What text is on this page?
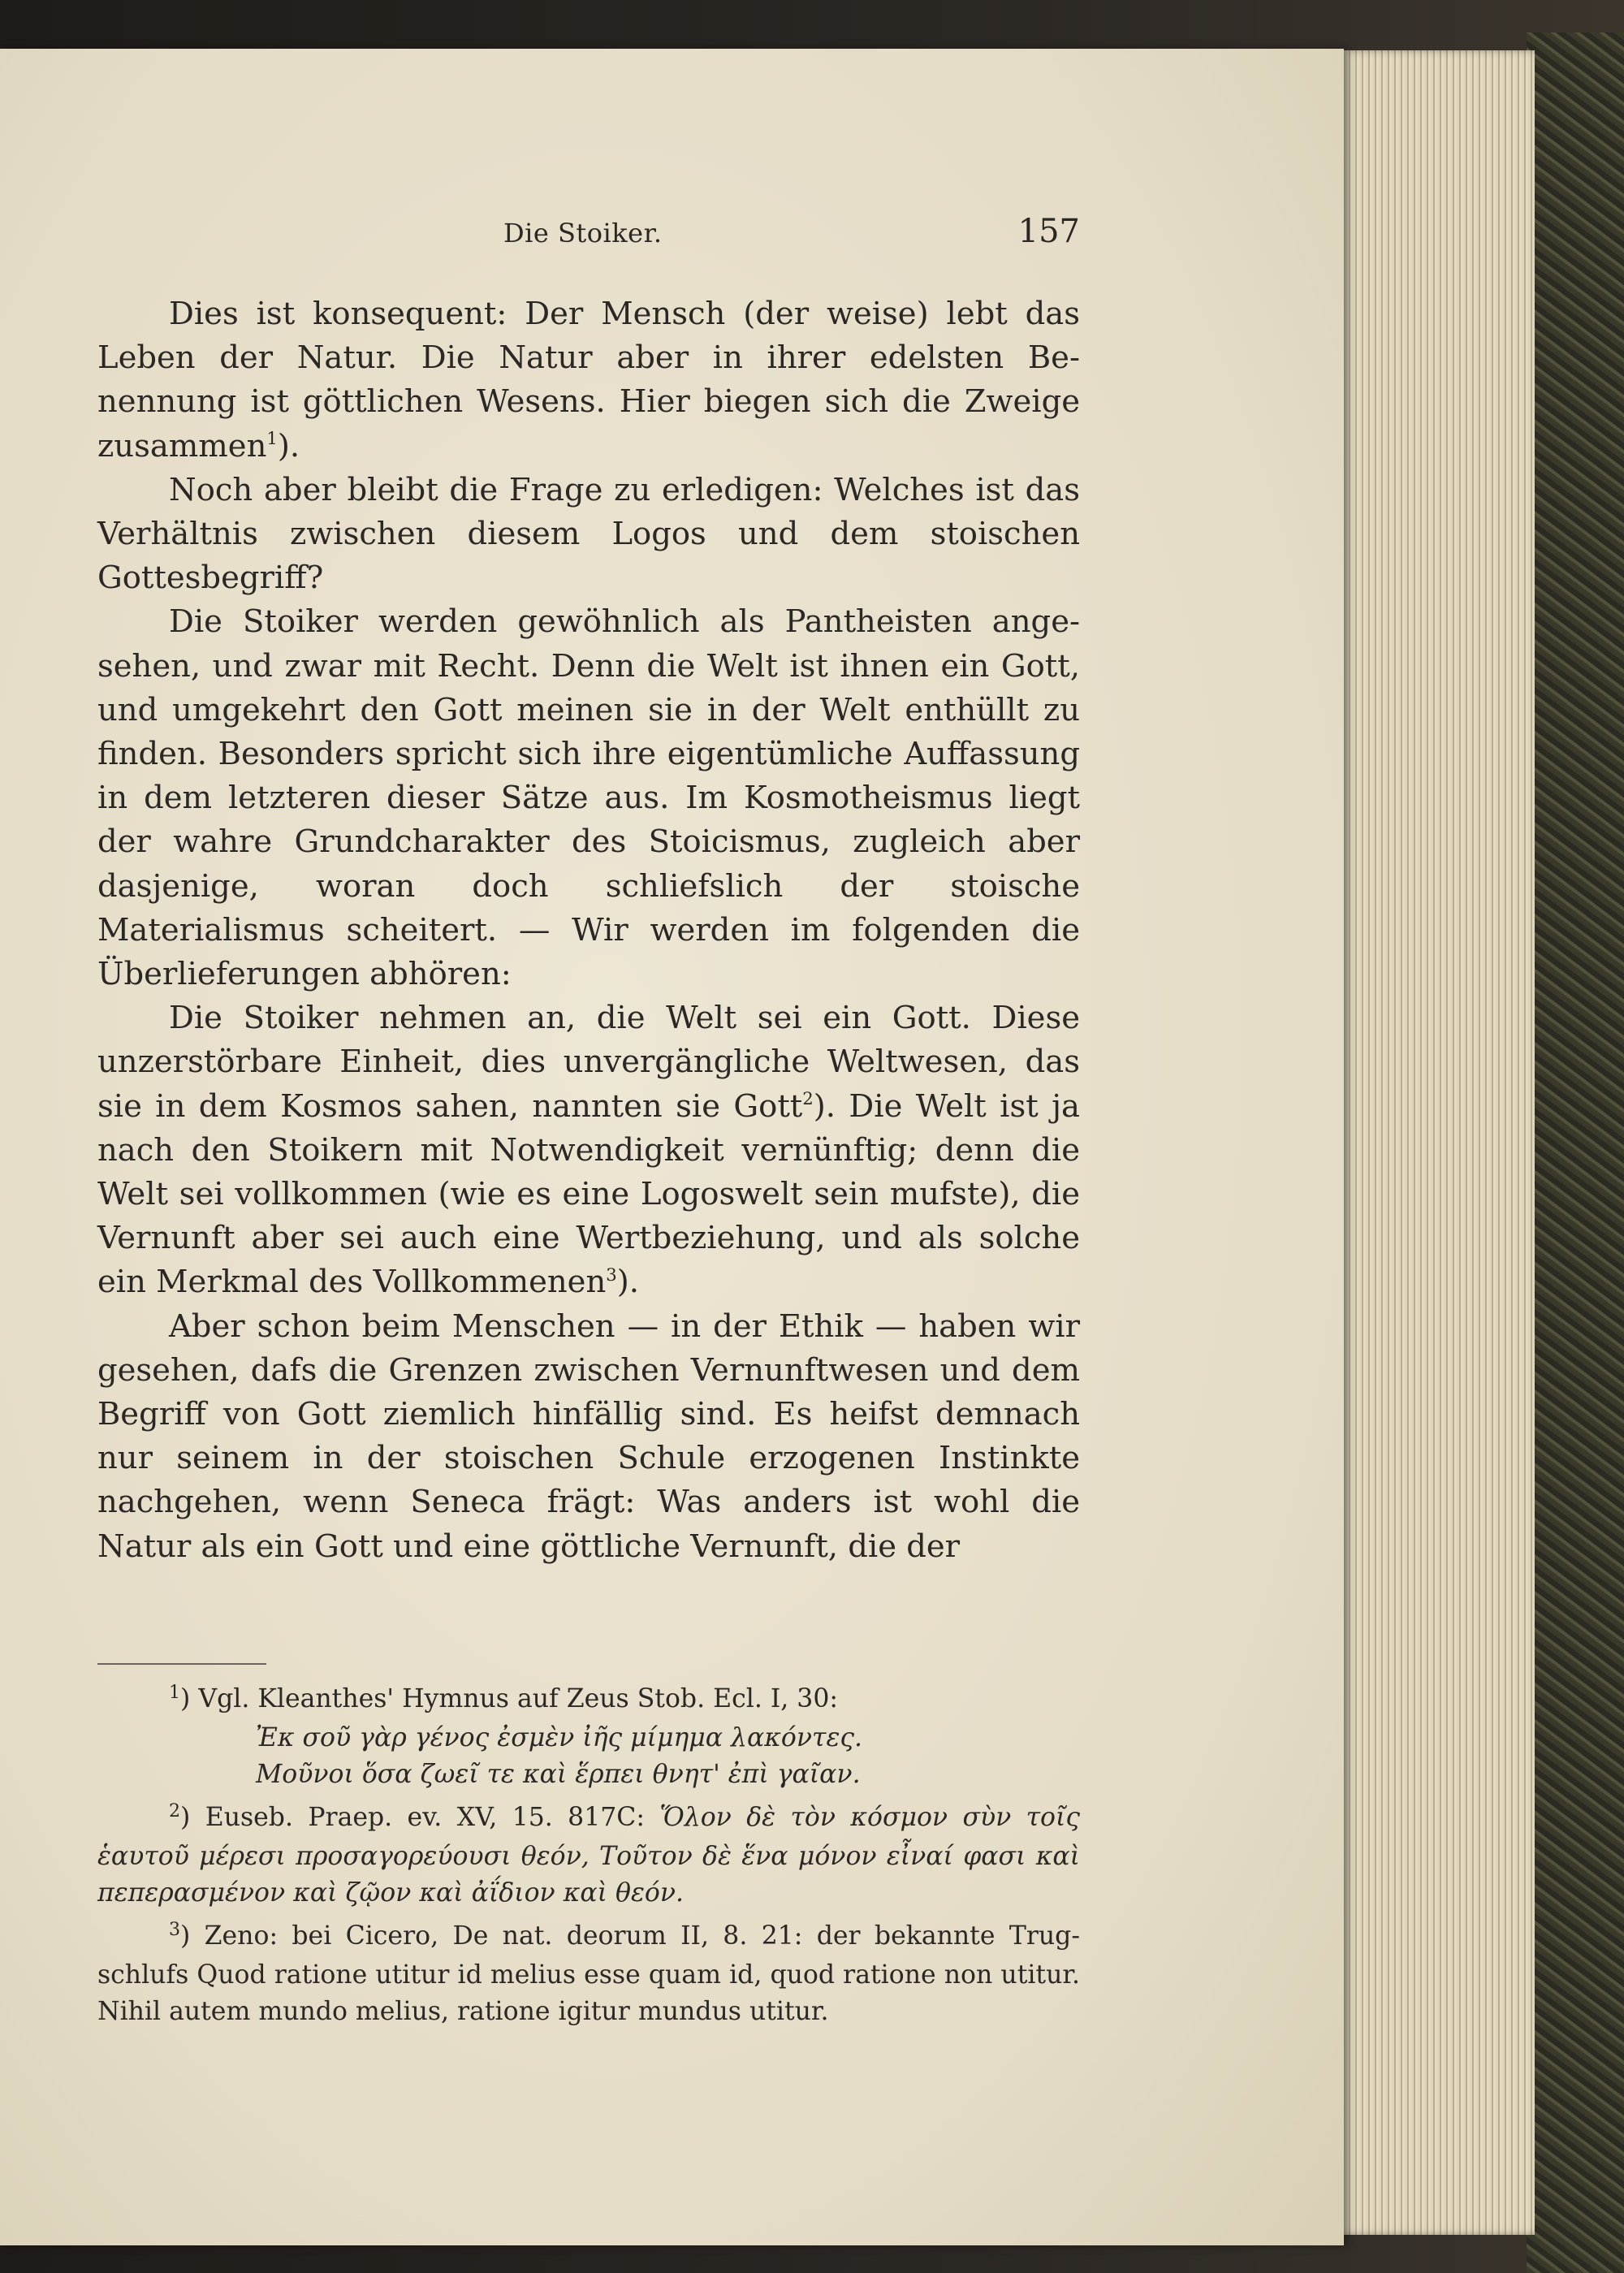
Die Stoiker.	157

Dies ist konsequent: Der Mensch (der weise) lebt das Leben der Natur. Die Natur aber in ihrer edelsten Benennung ist göttlichen Wesens. Hier biegen sich die Zweige zusammen$^1$).

Noch aber bleibt die Frage zu erledigen: Welches ist das Verhältnis zwischen diesem Logos und dem stoischen Gottesbegriff?

Die Stoiker werden gewöhnlich als Pantheisten angesehen, und zwar mit Recht. Denn die Welt ist ihnen ein Gott, und umgekehrt den Gott meinen sie in der Welt enthüllt zu finden. Besonders spricht sich ihre eigentümliche Auffassung in dem letzteren dieser Sätze aus. Im Kosmotheismus liegt der wahre Grundcharakter des Stoicismus, zugleich aber dasjenige, woran doch schliefslich der stoische Materialismus scheitert. — Wir werden im folgenden die Überlieferungen abhören:

Die Stoiker nehmen an, die Welt sei ein Gott. Diese unzerstörbare Einheit, dies unvergängliche Weltwesen, das sie in dem Kosmos sahen, nannten sie Gott$^2$). Die Welt ist ja nach den Stoikern mit Notwendigkeit vernünftig; denn die Welt sei vollkommen (wie es eine Logoswelt sein mufste), die Vernunft aber sei auch eine Wertbeziehung, und als solche ein Merkmal des Vollkommenen$^3$).

Aber schon beim Menschen — in der Ethik — haben wir gesehen, dafs die Grenzen zwischen Vernunftwesen und dem Begriff von Gott ziemlich hinfällig sind. Es heifst demnach nur seinem in der stoischen Schule erzogenen Instinkte nachgehen, wenn Seneca frägt: Was anders ist wohl die Natur als ein Gott und eine göttliche Vernunft, die der

$^1$) Vgl. Kleanthes' Hymnus auf Zeus Stob. Ecl. I, 30:
Ἐκ σοῦ γὰρ γένος ἐσμὲν ἰῆς μίμημα λακόντες.
Μοῦνοι ὅσα ζωεῖ τε καὶ ἕρπει θνητ' ἐπὶ γαῖαν.
$^2$) Euseb. Praep. ev. XV, 15. 817C: Ὅλον δὲ τὸν κόσμον σὺν τοῖς ἑαυτοῦ μέρεσι προσαγορεύουσι θεόν, Τοῦτον δὲ ἕνα μόνον εἶναί φασι καὶ πεπερασμένον καὶ ζῷον καὶ ἀΐδιον καὶ θεόν.
$^3$) Zeno: bei Cicero, De nat. deorum II, 8. 21: der bekannte Trugschlufs Quod ratione utitur id melius esse quam id, quod ratione non utitur. Nihil autem mundo melius, ratione igitur mundus utitur.
